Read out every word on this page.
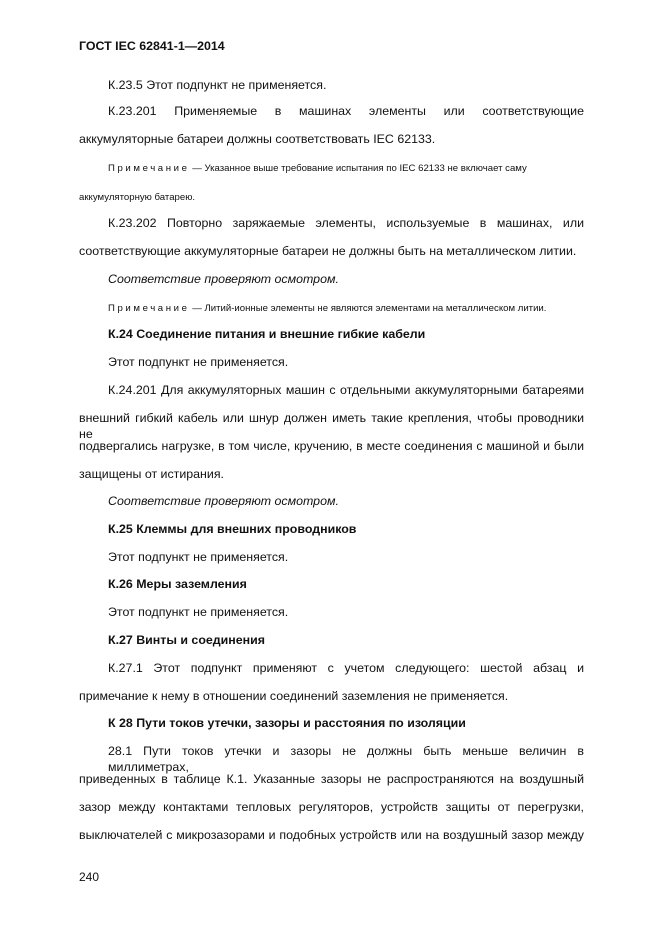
ГОСТ IEC 62841-1—2014
К.23.5 Этот подпункт не применяется.
К.23.201 Применяемые в машинах элементы или соответствующие
аккумуляторные батареи должны соответствовать IEC 62133.
Примечание — Указанное выше требование испытания по IEC 62133 не включает саму
аккумуляторную батарею.
К.23.202 Повторно заряжаемые элементы, используемые в машинах, или
соответствующие аккумуляторные батареи не должны быть на металлическом литии.
Соответствие проверяют осмотром.
Примечание — Литий-ионные элементы не являются элементами на металлическом литии.
К.24 Соединение питания и внешние гибкие кабели
Этот подпункт не применяется.
К.24.201 Для аккумуляторных машин с отдельными аккумуляторными батареями
внешний гибкий кабель или шнур должен иметь такие крепления, чтобы проводники не
подвергались нагрузке, в том числе, кручению, в месте соединения с машиной и были
защищены от истирания.
Соответствие проверяют осмотром.
К.25 Клеммы для внешних проводников
Этот подпункт не применяется.
К.26 Меры заземления
Этот подпункт не применяется.
К.27 Винты и соединения
К.27.1 Этот подпункт применяют с учетом следующего: шестой абзац и
примечание к нему в отношении соединений заземления не применяется.
К 28 Пути токов утечки, зазоры и расстояния по изоляции
28.1 Пути токов утечки и зазоры не должны быть меньше величин в миллиметрах,
приведенных в таблице К.1. Указанные зазоры не распространяются на воздушный
зазор между контактами тепловых регуляторов, устройств защиты от перегрузки,
выключателей с микрозазорами и подобных устройств или на воздушный зазор между
240
